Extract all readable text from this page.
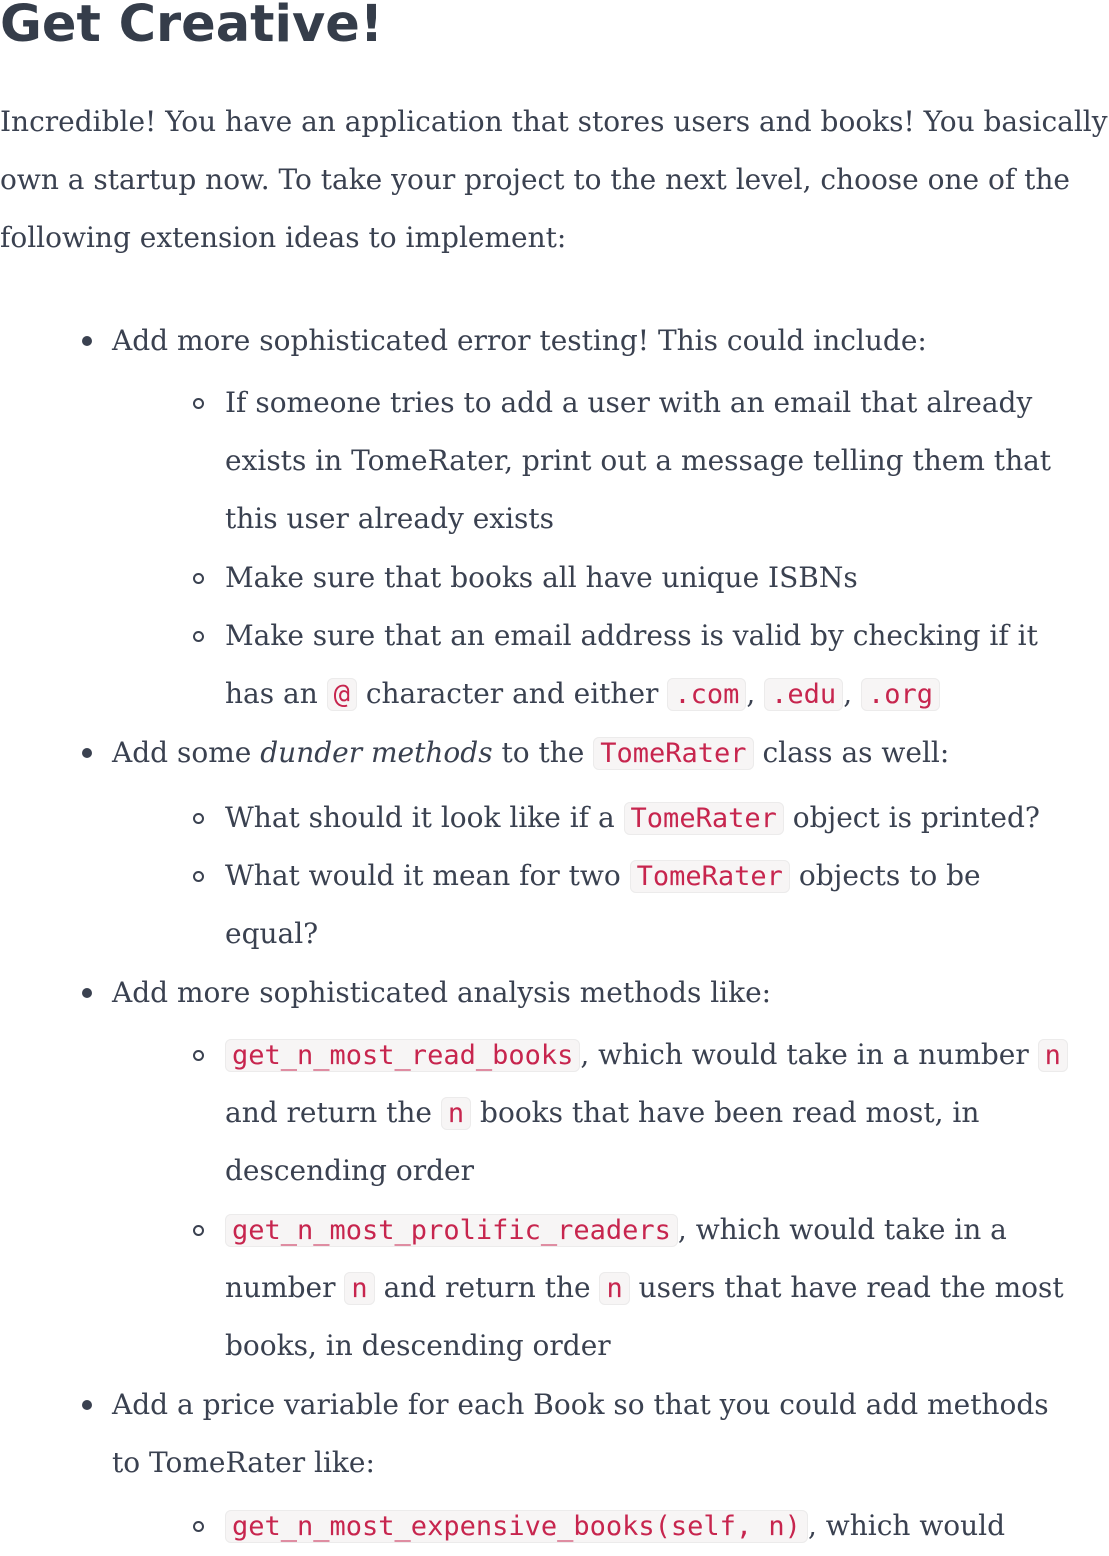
Get Creative!

Incredible! You have an application that stores users and books! You basically own a startup now. To take your project to the next level, choose one of the following extension ideas to implement:

Add more sophisticated error testing! This could include:
If someone tries to add a user with an email that already
exists in TomeRater, print out a message telling them that
this user already exists
Make sure that books all have unique ISBNs
Make sure that an email address is valid by checking if it
has an @ character and either .com , .edu , .org
Add some dunder methods to the TomeRater class as well:
What should it look like if a TomeRater object is printed?
What would it mean for two TomeRater objects to be
equal?
Add more sophisticated analysis methods like:
get_n_most_read_books , which would take in a number n
and return the n books that have been read most, in
descending order
get_n_most_prolific_readers , which would take in a
number n and return the n users that have read the most
books, in descending order
Add a price variable for each Book so that you could add methods
to TomeRater like:
get_n_most_expensive_books(self, n) , which would
